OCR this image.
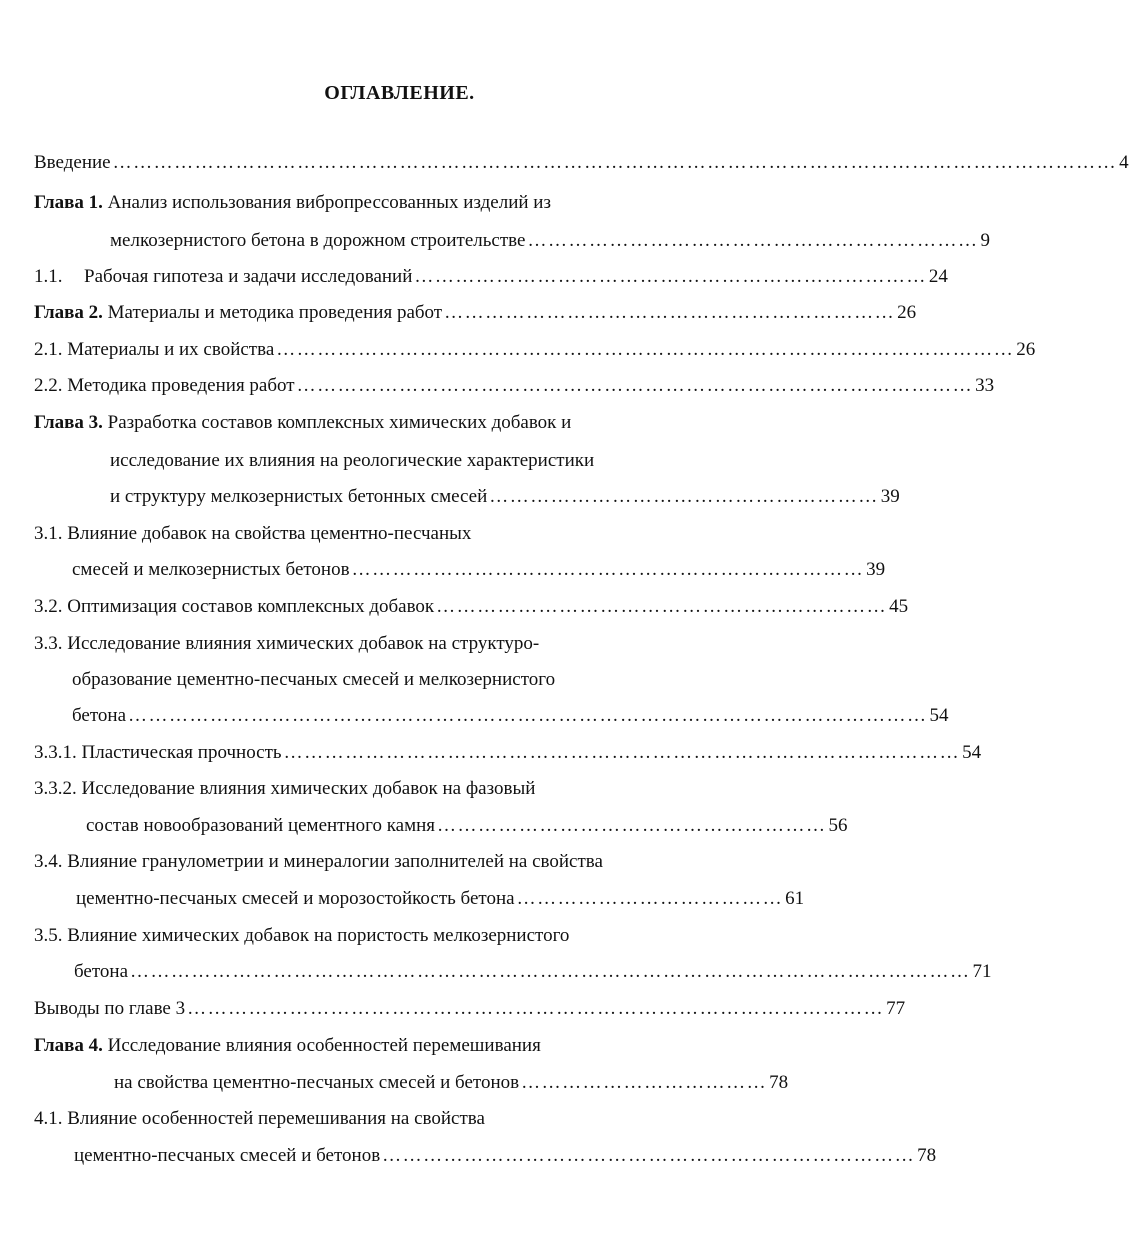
ОГЛАВЛЕНИЕ.
Введение ………………………………………………………………………………………………………………………………… 4
Глава 1. Анализ использования вибропрессованных изделий из
мелкозернистого бетона в дорожном строительстве ………………………………………………………… 9
1.1. Рабочая гипотеза и задачи исследований ………………………………………………………………… 24
Глава 2. Материалы и методика проведения работ ………………………………………………………… 26
2.1. Материалы и их свойства ……………………………………………………………………………………………… 26
2.2. Методика проведения работ ……………………………………………………………………………………… 33
Глава 3. Разработка составов комплексных химических добавок и
исследование их влияния на реологические характеристики
и структуру мелкозернистых бетонных смесей ………………………………………………… 39
3.1. Влияние добавок на свойства цементно-песчаных
смесей и мелкозернистых бетонов ………………………………………………………………… 39
3.2. Оптимизация составов комплексных добавок ………………………………………………………… 45
3.3. Исследование влияния химических добавок на структуро-
образование цементно-песчаных смесей и мелкозернистого
бетона ……………………………………………………………………………………………………… 54
3.3.1. Пластическая прочность ……………………………………………………………………………………… 54
3.3.2. Исследование влияния химических добавок на фазовый
состав новообразований цементного камня ………………………………………………… 56
3.4. Влияние гранулометрии и минералогии заполнителей на свойства
цементно-песчаных смесей и морозостойкость бетона ………………………………… 61
3.5. Влияние химических добавок на пористость мелкозернистого
бетона …………………………………………………………………………………………………………… 71
Выводы по главе 3 ………………………………………………………………………………………… 77
Глава 4. Исследование влияния особенностей перемешивания
на свойства цементно-песчаных смесей и бетонов ……………………………… 78
4.1. Влияние особенностей перемешивания на свойства
цементно-песчаных смесей и бетонов …………………………………………………………………… 78
